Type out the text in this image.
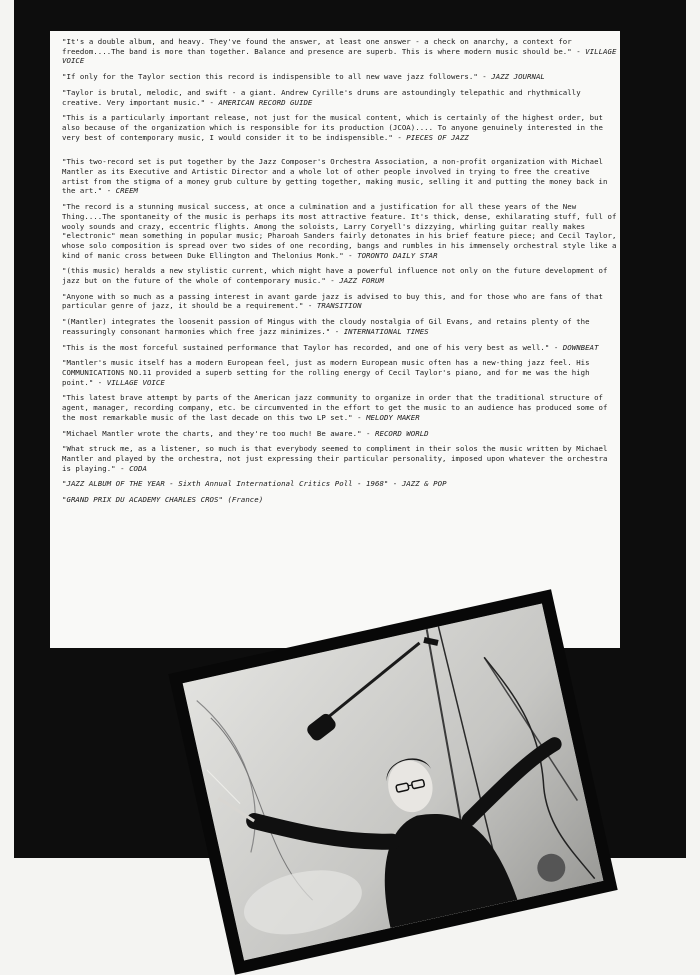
"It's a double album, and heavy. They've found the answer, at least one answer - a check on anarchy, a context for freedom....The band is more than together. Balance and presence are superb. This is where modern music should be." - VILLAGE VOICE

"If only for the Taylor section this record is indispensible to all new wave jazz followers." - JAZZ JOURNAL

"Taylor is brutal, melodic, and swift - a giant. Andrew Cyrille's drums are astoundingly telepathic and rhythmically creative. Very important music." - AMERICAN RECORD GUIDE

"This is a particularly important release, not just for the musical content, which is certainly of the highest order, but also because of the organization which is responsible for its production (JCOA).... To anyone genuinely interested in the very best of contemporary music, I would consider it to be indispensible." - PIECES OF JAZZ

"This two-record set is put together by the Jazz Composer's Orchestra Association, a non-profit organization with Michael Mantler as its Executive and Artistic Director and a whole lot of other people involved in trying to free the creative artist from the stigma of a money grub culture by getting together, making music, selling it and putting the money back in the art." - CREEM

"The record is a stunning musical success, at once a culmination and a justification for all these years of the New Thing....The spontaneity of the music is perhaps its most attractive feature. It's thick, dense, exhilarating stuff, full of wooly sounds and crazy, eccentric flights. Among the soloists, Larry Coryell's dizzying, whirling guitar really makes "electronic" mean something in popular music; Pharoah Sanders fairly detonates in his brief feature piece; and Cecil Taylor, whose solo composition is spread over two sides of one recording, bangs and rumbles in his immensely orchestral style like a kind of manic cross between Duke Ellington and Thelonius Monk." - TORONTO DAILY STAR

"(this music) heralds a new stylistic current, which might have a powerful influence not only on the future development of jazz but on the future of the whole of contemporary music." - JAZZ FORUM

"Anyone with so much as a passing interest in avant garde jazz is advised to buy this, and for those who are fans of that particular genre of jazz, it should be a requirement." - TRANSITION

"(Mantler) integrates the loosenit passion of Mingus with the cloudy nostalgia of Gil Evans, and retains plenty of the reassuringly consonant harmonies which free jazz minimizes." - INTERNATIONAL TIMES

"This is the most forceful sustained performance that Taylor has recorded, and one of his very best as well." - DOWNBEAT

"Mantler's music itself has a modern European feel, just as modern European music often has a new-thing jazz feel. His COMMUNICATIONS NO.11 provided a superb setting for the rolling energy of Cecil Taylor's piano, and for me was the high point." - VILLAGE VOICE

"This latest brave attempt by parts of the American jazz community to organize in order that the traditional structure of agent, manager, recording company, etc. be circumvented in the effort to get the music to an audience has produced some of the most remarkable music of the last decade on this two LP set." - MELODY MAKER

"Michael Mantler wrote the charts, and they're too much! Be aware." - RECORD WORLD

"What struck me, as a listener, so much is that everybody seemed to compliment in their solos the music written by Michael Mantler and played by the orchestra, not just expressing their particular personality, imposed upon whatever the orchestra is playing." - CODA

"JAZZ ALBUM OF THE YEAR - Sixth Annual International Critics Poll - 1968" - JAZZ & POP

"GRAND PRIX DU ACADEMY CHARLES CROS" (France)
